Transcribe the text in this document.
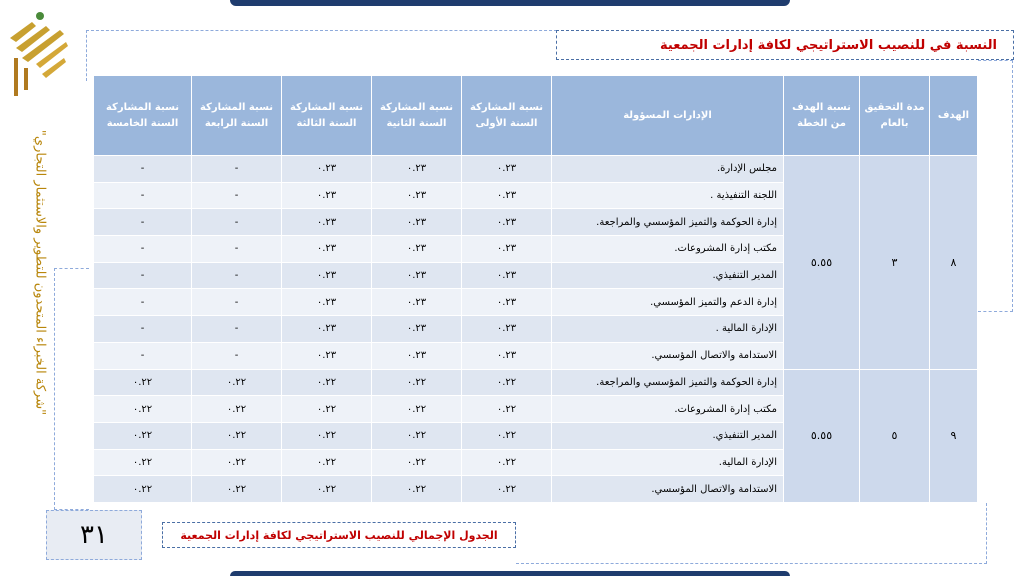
"شركة الخبراء المتحدون للتطوير والاستثمار التجاري"
النسبة في للنصيب الاستراتيجي لكافة إدارات الجمعية
الهدف	مدة التحقيق بالعام	نسبة الهدف من الخطة	الإدارات المسؤولة	نسبة المشاركة السنة الأولى	نسبة المشاركة السنة الثانية	نسبة المشاركة السنة الثالثة	نسبة المشاركة السنة الرابعة	نسبة المشاركة السنة الخامسة
٨	٣	٥.٥٥	مجلس الإدارة.	٠.٢٣	٠.٢٣	٠.٢٣	-	-
			اللجنة التنفيذية .	٠.٢٣	٠.٢٣	٠.٢٣	-	-
			إدارة الحوكمة والتميز المؤسسي والمراجعة.	٠.٢٣	٠.٢٣	٠.٢٣	-	-
			مكتب إدارة المشروعات.	٠.٢٣	٠.٢٣	٠.٢٣	-	-
			المدير التنفيذي.	٠.٢٣	٠.٢٣	٠.٢٣	-	-
			إدارة الدعم والتميز المؤسسي.	٠.٢٣	٠.٢٣	٠.٢٣	-	-
			الإدارة المالية .	٠.٢٣	٠.٢٣	٠.٢٣	-	-
			الاستدامة والاتصال المؤسسي.	٠.٢٣	٠.٢٣	٠.٢٣	-	-
٩	٥	٥.٥٥	إدارة الحوكمة والتميز المؤسسي والمراجعة.	٠.٢٢	٠.٢٢	٠.٢٢	٠.٢٢	٠.٢٢
			مكتب إدارة المشروعات.	٠.٢٢	٠.٢٢	٠.٢٢	٠.٢٢	٠.٢٢
			المدير التنفيذي.	٠.٢٢	٠.٢٢	٠.٢٢	٠.٢٢	٠.٢٢
			الإدارة المالية.	٠.٢٢	٠.٢٢	٠.٢٢	٠.٢٢	٠.٢٢
			الاستدامة والاتصال المؤسسي.	٠.٢٢	٠.٢٢	٠.٢٢	٠.٢٢	٠.٢٢
٣١	الجدول الإجمالي للنصيب الاستراتيجي لكافة إدارات الجمعية
